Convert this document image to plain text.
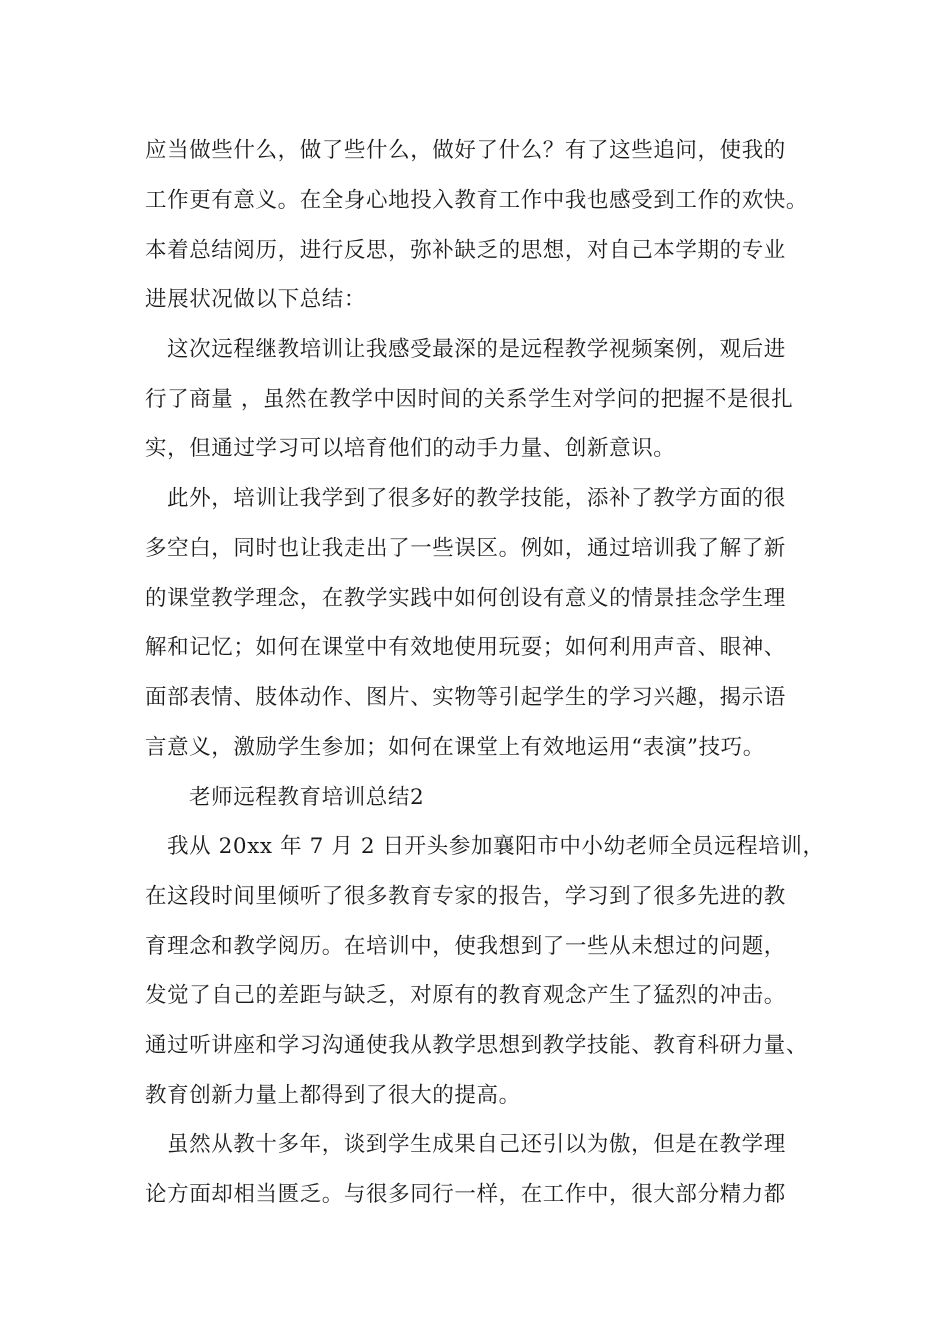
应当做些什么，做了些什么，做好了什么？有了这些追问，使我的
工作更有意义。在全身心地投入教育工作中我也感受到工作的欢快。
本着总结阅历，进行反思，弥补缺乏的思想，对自己本学期的专业
进展状况做以下总结：
这次远程继教培训让我感受最深的是远程教学视频案例，观后进
行了商量 ，虽然在教学中因时间的关系学生对学问的把握不是很扎
实，但通过学习可以培育他们的动手力量、创新意识。
此外，培训让我学到了很多好的教学技能，添补了教学方面的很
多空白，同时也让我走出了一些误区。例如，通过培训我了解了新
的课堂教学理念，在教学实践中如何创设有意义的情景挂念学生理
解和记忆；如何在课堂中有效地使用玩耍；如何利用声音、眼神、
面部表情、肢体动作、图片、实物等引起学生的学习兴趣，揭示语
言意义，激励学生参加；如何在课堂上有效地运用“表演”技巧。
老师远程教育培训总结2
我从 20xx 年 7 月 2 日开头参加襄阳市中小幼老师全员远程培训，
在这段时间里倾听了很多教育专家的报告，学习到了很多先进的教
育理念和教学阅历。在培训中，使我想到了一些从未想过的问题，
发觉了自己的差距与缺乏，对原有的教育观念产生了猛烈的冲击。
通过听讲座和学习沟通使我从教学思想到教学技能、教育科研力量、
教育创新力量上都得到了很大的提高。
虽然从教十多年，谈到学生成果自己还引以为傲，但是在教学理
论方面却相当匮乏。与很多同行一样，在工作中，很大部分精力都
